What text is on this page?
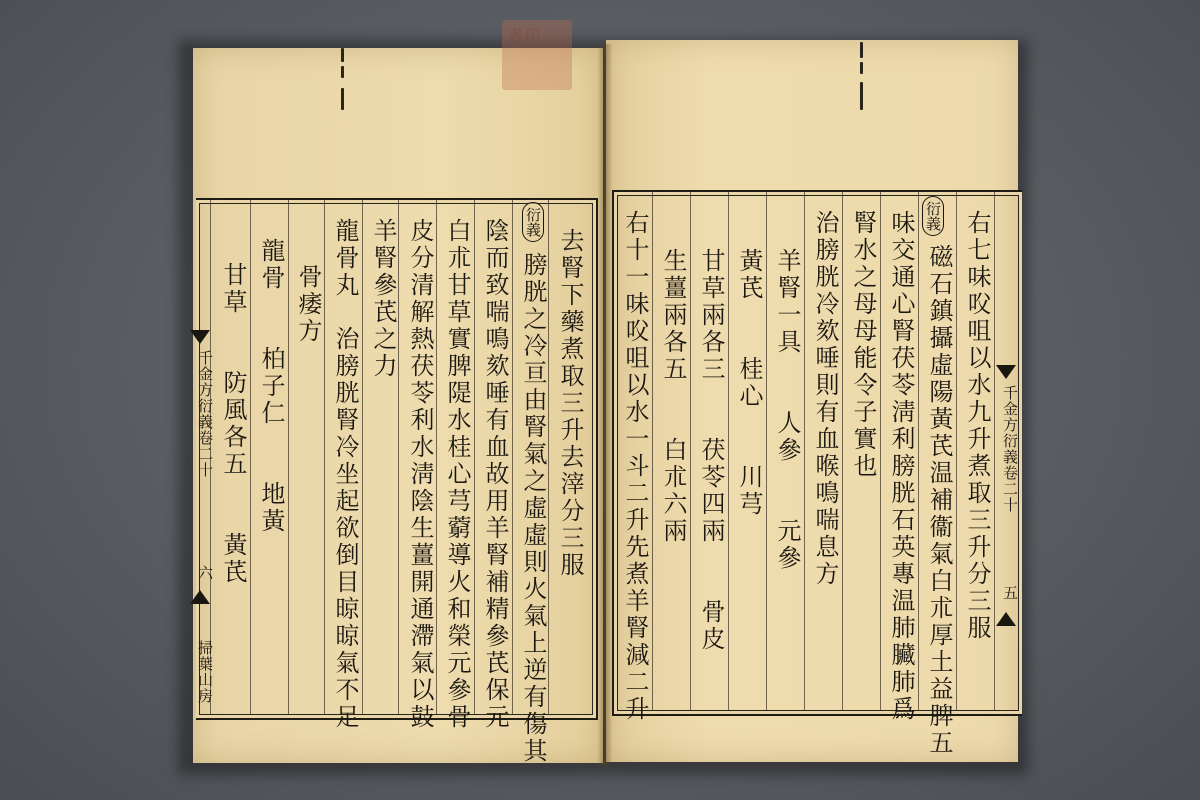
書印
衍義
去腎下藥煮取三升去滓分三服
膀胱之冷亘由腎氣之虛虛則火氣上逆有傷其
陰而致喘鳴欬唾有血故用羊腎補精參芪保元
白朮甘草實脾隄水桂心芎藭導火和榮元參骨
皮分清解熱茯苓利水淸陰生薑開通滯氣以鼓
羊腎參芪之力
龍骨丸　治膀胱腎冷坐起欲倒目晾晾氣不足
骨痿方
龍骨　　柏子仁　　地黃
甘草　　防風各五　　黃芪
千金方衍義卷二十
六
掃葉山房
衍義 右七味㕮咀以水九升煮取三升分三服
磁石鎮攝虛陽黃芪温補衞氣白朮厚土益脾五
味交通心腎茯苓淸利膀胱石英專温肺臟肺爲
腎水之母母能令子實也
治膀胱冷欬唾則有血喉鳴喘息方
羊腎一具　　人參　　元參
黃芪　　桂心　　川芎
甘草兩各三　　茯苓四兩　　骨皮
生薑兩各五　　白朮六兩
右十一味㕮咀以水一斗二升先煮羊腎減二升	千金方衍義卷二十
五
